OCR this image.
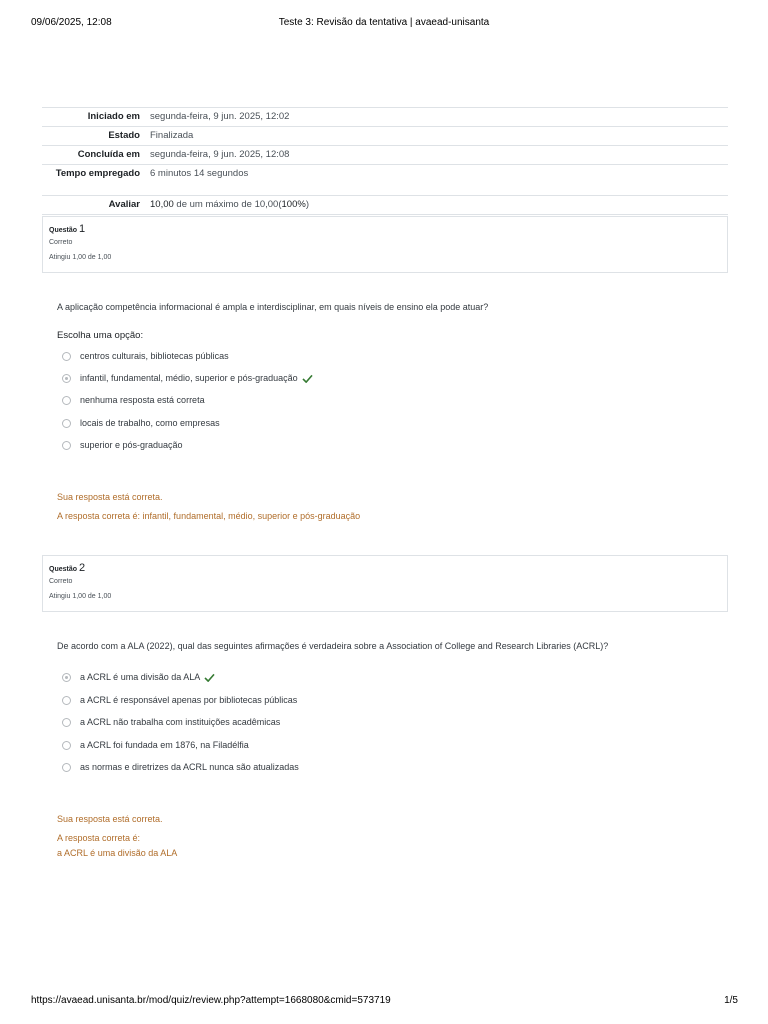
09/06/2025, 12:08	Teste 3: Revisão da tentativa | avaead-unisanta
Iniciado em	segunda-feira, 9 jun. 2025, 12:02
Estado	Finalizada
Concluída em	segunda-feira, 9 jun. 2025, 12:08
Tempo empregado	6 minutos 14 segundos
Avaliar	10,00 de um máximo de 10,00(100%)
Questão 1
Correto
Atingiu 1,00 de 1,00
A aplicação competência informacional é ampla e interdisciplinar, em quais níveis de ensino ela pode atuar?
Escolha uma opção:
centros culturais, bibliotecas públicas
infantil, fundamental, médio, superior e pós-graduação
nenhuma resposta está correta
locais de trabalho, como empresas
superior e pós-graduação
Sua resposta está correta.
A resposta correta é: infantil, fundamental, médio, superior e pós-graduação
Questão 2
Correto
Atingiu 1,00 de 1,00
De acordo com a ALA (2022), qual das seguintes afirmações é verdadeira sobre a Association of College and Research Libraries (ACRL)?
a ACRL é uma divisão da ALA
a ACRL é responsável apenas por bibliotecas públicas
a ACRL não trabalha com instituições acadêmicas
a ACRL foi fundada em 1876, na Filadélfia
as normas e diretrizes da ACRL nunca são atualizadas
Sua resposta está correta.
A resposta correta é:
a ACRL é uma divisão da ALA
https://avaead.unisanta.br/mod/quiz/review.php?attempt=1668080&cmid=573719	1/5
